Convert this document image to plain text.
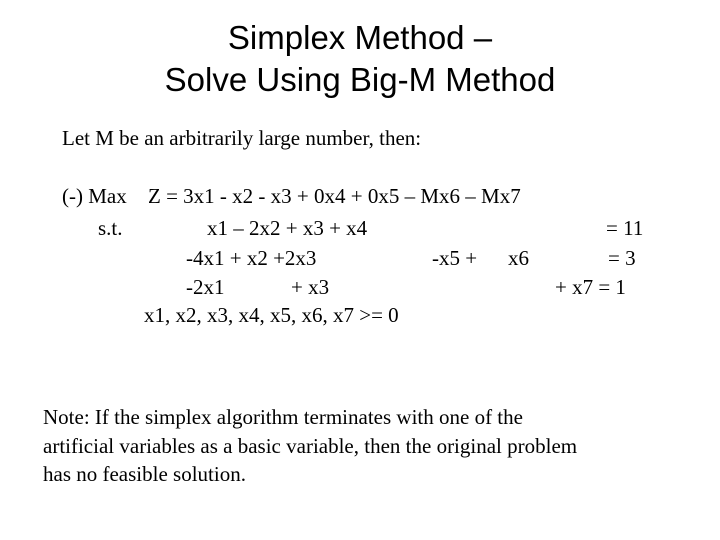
Simplex Method –
Solve Using Big-M Method
Let M be an arbitrarily large number, then:
(-) Max Z = 3x1 - x2 - x3 + 0x4 + 0x5 – Mx6 – Mx7
s.t.	x1 – 2x2 + x3 + x4	= 11
-4x1 + x2 +2x3	-x5 + x6	= 3
-2x1	+ x3	+ x7 = 1
x1, x2, x3, x4, x5, x6, x7 >= 0
Note: If the simplex algorithm terminates with one of the
artificial variables as a basic variable, then the original problem
has no feasible solution.
